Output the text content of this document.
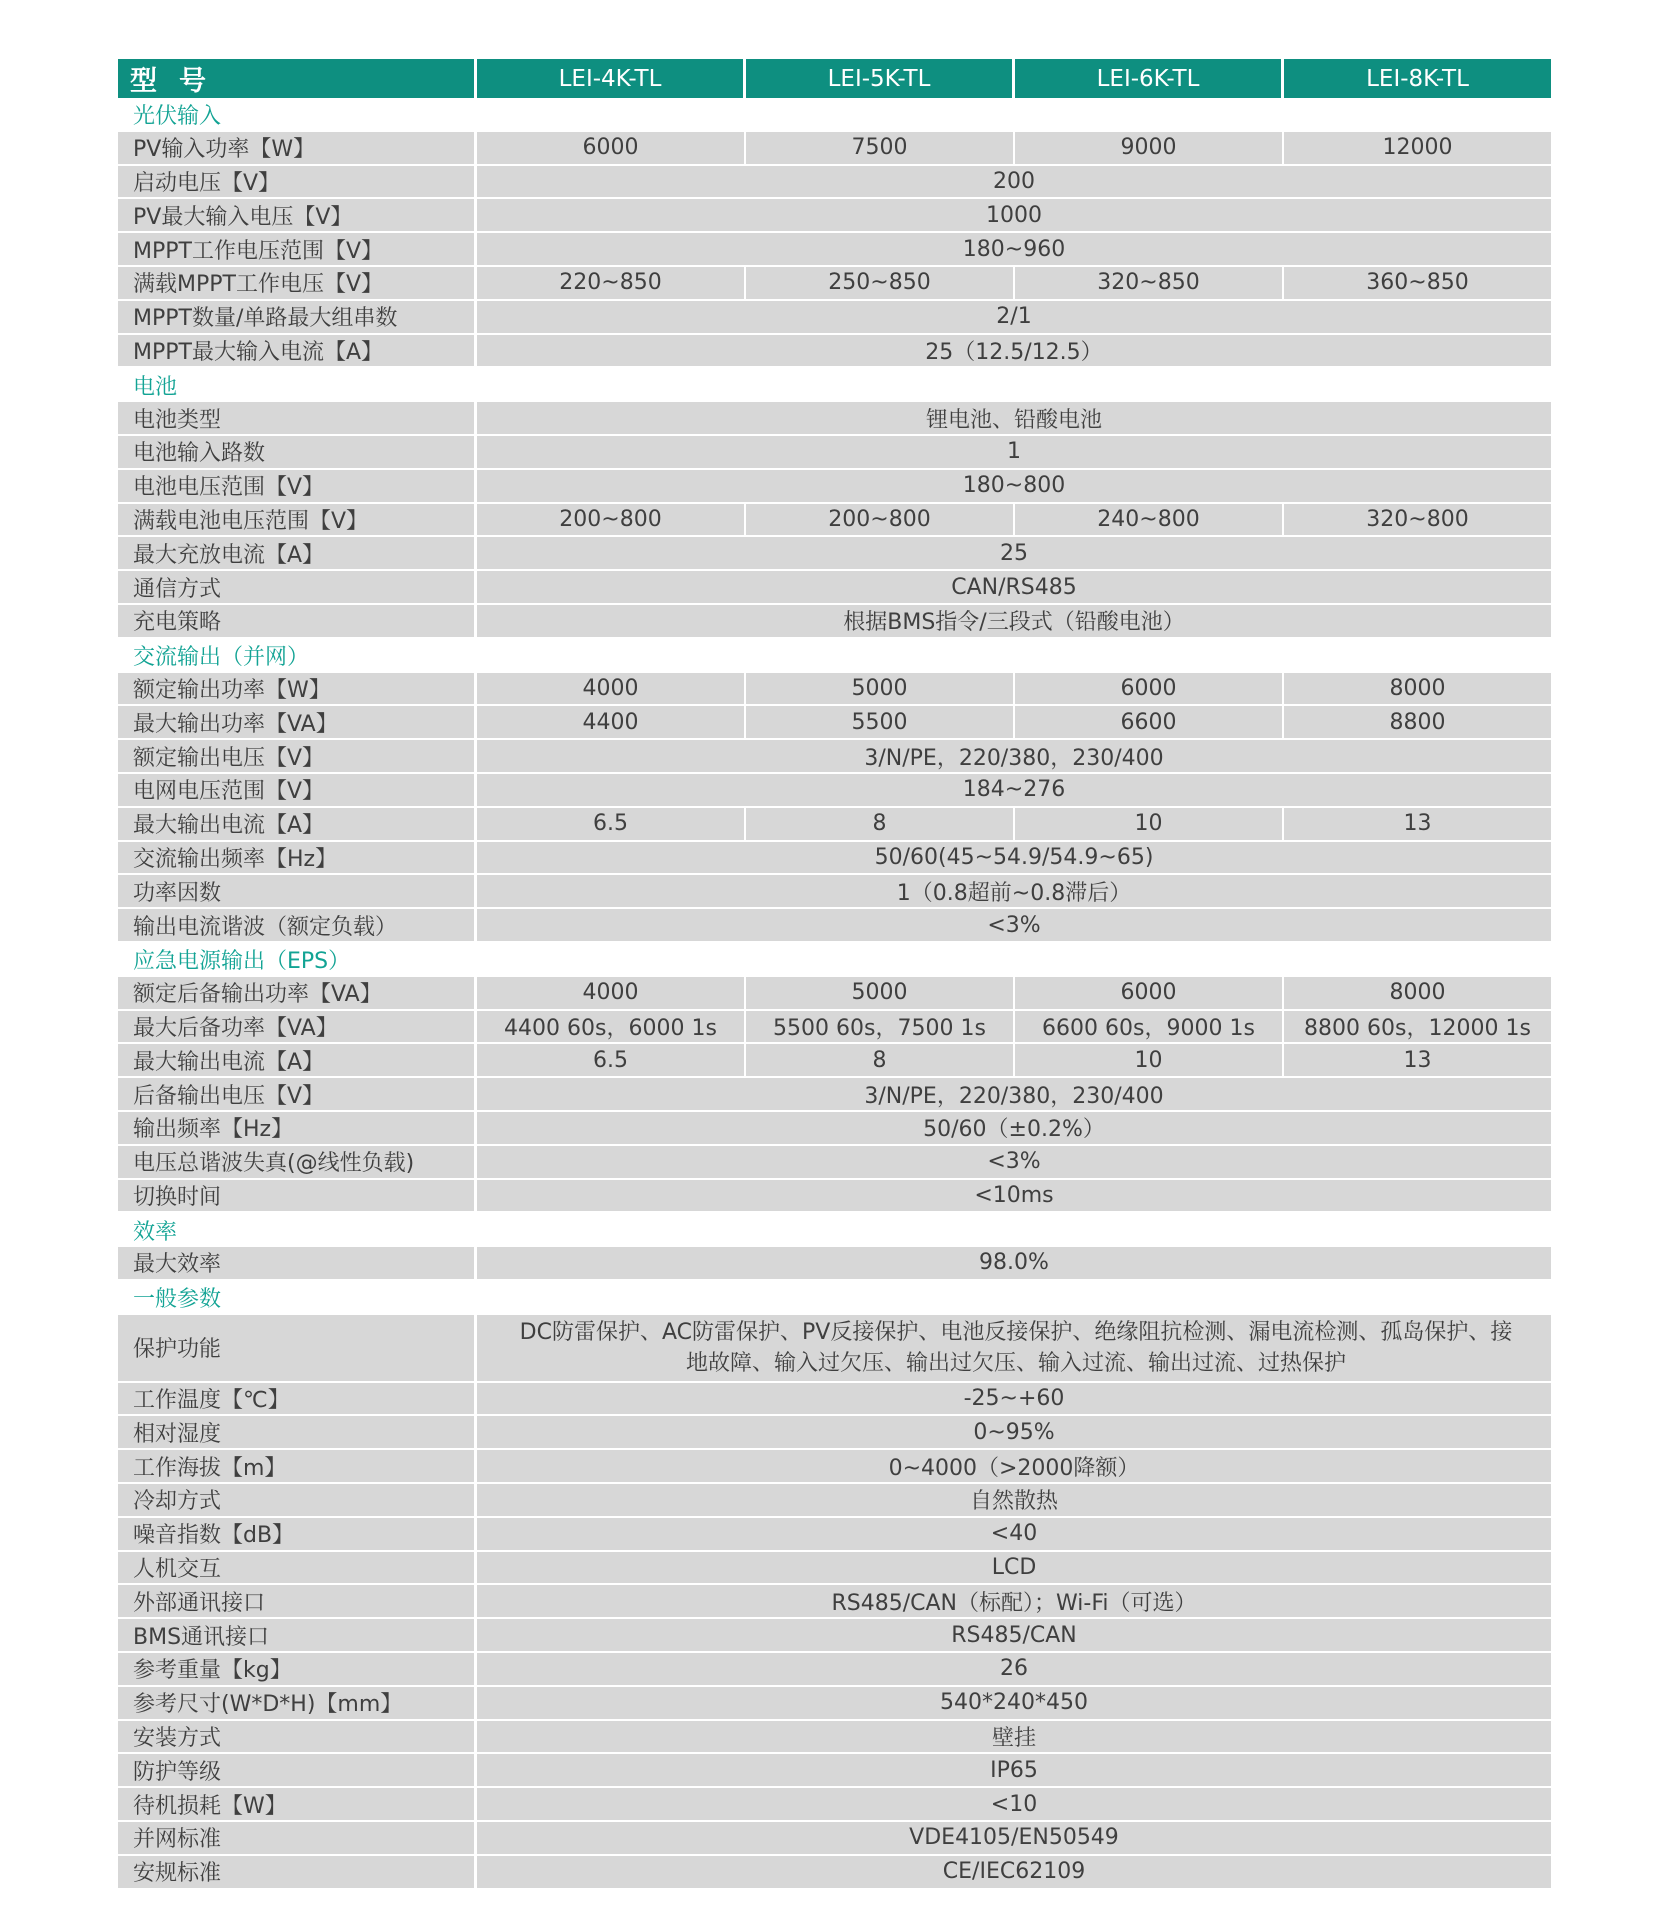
型号	LEI-4K-TL	LEI-5K-TL	LEI-6K-TL	LEI-8K-TL
光伏输入				
PV输入功率【W】	6000	7500	9000	12000
启动电压【V】	200			
PV最大输入电压【V】	1000			
MPPT工作电压范围【V】	180~960			
满载MPPT工作电压【V】	220~850	250~850	320~850	360~850
MPPT数量/单路最大组串数	2/1			
MPPT最大输入电流【A】	25（12.5/12.5）			
电池				
电池类型	锂电池、铅酸电池			
电池输入路数	1			
电池电压范围【V】	180~800			
满载电池电压范围【V】	200~800	200~800	240~800	320~800
最大充放电流【A】	25			
通信方式	CAN/RS485			
充电策略	根据BMS指令/三段式（铅酸电池）			
交流输出（并网）				
额定输出功率【W】	4000	5000	6000	8000
最大输出功率【VA】	4400	5500	6600	8800
额定输出电压【V】	3/N/PE，220/380，230/400			
电网电压范围【V】	184~276			
最大输出电流【A】	6.5	8	10	13
交流输出频率【Hz】	50/60(45~54.9/54.9~65)			
功率因数	1（0.8超前~0.8滞后）			
输出电流谐波（额定负载）	<3%			
应急电源输出（EPS）				
额定后备输出功率【VA】	4000	5000	6000	8000
最大后备功率【VA】	4400 60s，6000 1s	5500 60s，7500 1s	6600 60s，9000 1s	8800 60s，12000 1s
最大输出电流【A】	6.5	8	10	13
后备输出电压【V】	3/N/PE，220/380，230/400			
输出频率【Hz】	50/60（±0.2%）			
电压总谐波失真(@线性负载)	<3%			
切换时间	<10ms			
效率				
最大效率	98.0%			
一般参数				
保护功能	DC防雷保护、AC防雷保护、PV反接保护、电池反接保护、绝缘阻抗检测、漏电流检测、孤岛保护、接地故障、输入过欠压、输出过欠压、输入过流、输出过流、过热保护			
工作温度【℃】	-25~+60			
相对湿度	0~95%			
工作海拔【m】	0~4000（>2000降额）			
冷却方式	自然散热			
噪音指数【dB】	<40			
人机交互	LCD			
外部通讯接口	RS485/CAN（标配）；Wi-Fi（可选）			
BMS通讯接口	RS485/CAN			
参考重量【kg】	26			
参考尺寸(W*D*H)【mm】	540*240*450			
安装方式	壁挂			
防护等级	IP65			
待机损耗【W】	<10			
并网标准	VDE4105/EN50549			
安规标准	CE/IEC62109			
